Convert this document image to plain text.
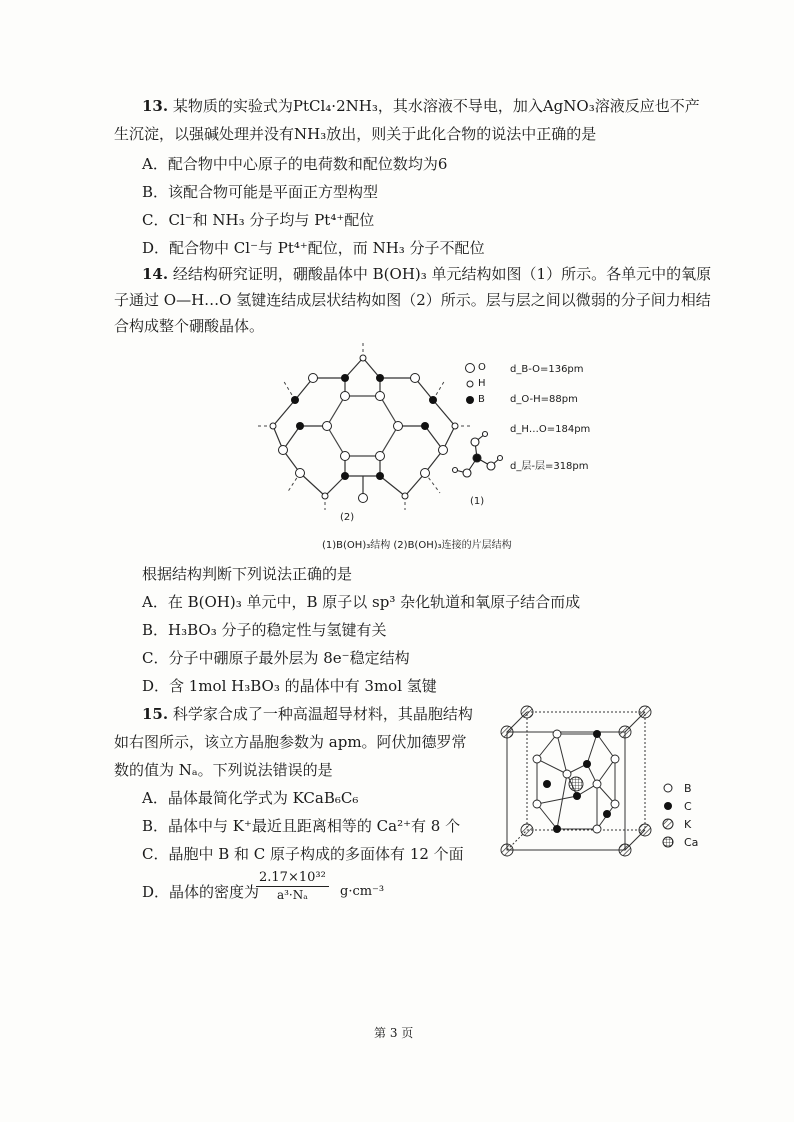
13. 某物质的实验式为PtCl₄·2NH₃，其水溶液不导电，加入AgNO₃溶液反应也不产
生沉淀，以强碱处理并没有NH₃放出，则关于此化合物的说法中正确的是
A．配合物中中心原子的电荷数和配位数均为6
B．该配合物可能是平面正方型构型
C．Cl⁻和 NH₃ 分子均与 Pt⁴⁺配位
D．配合物中 Cl⁻与 Pt⁴⁺配位，而 NH₃ 分子不配位
14. 经结构研究证明，硼酸晶体中 B(OH)₃ 单元结构如图（1）所示。各单元中的氧原
子通过 O—H…O 氢键连结成层状结构如图（2）所示。层与层之间以微弱的分子间力相结
合构成整个硼酸晶体。
O
H
B
d_B-O=136pm
d_O-H=88pm
d_H…O=184pm
d_层-层=318pm
(1)
(2)
(1)B(OH)₃结构 (2)B(OH)₃连接的片层结构
根据结构判断下列说法正确的是
A．在 B(OH)₃ 单元中，B 原子以 sp³ 杂化轨道和氧原子结合而成
B．H₃BO₃ 分子的稳定性与氢键有关
C．分子中硼原子最外层为 8e⁻稳定结构
D．含 1mol H₃BO₃ 的晶体中有 3mol 氢键
15. 科学家合成了一种高温超导材料，其晶胞结构
如右图所示，该立方晶胞参数为 apm。阿伏加德罗常
数的值为 Nₐ。下列说法错误的是
A．晶体最简化学式为 KCaB₆C₆
B．晶体中与 K⁺最近且距离相等的 Ca²⁺有 8 个
C．晶胞中 B 和 C 原子构成的多面体有 12 个面
D．晶体的密度为
$\frac{\text{2.17×10³²}}{\text{a³·Nₐ}} g\cdot cm^{-3}$
B
C
K
Ca
第 3 页
